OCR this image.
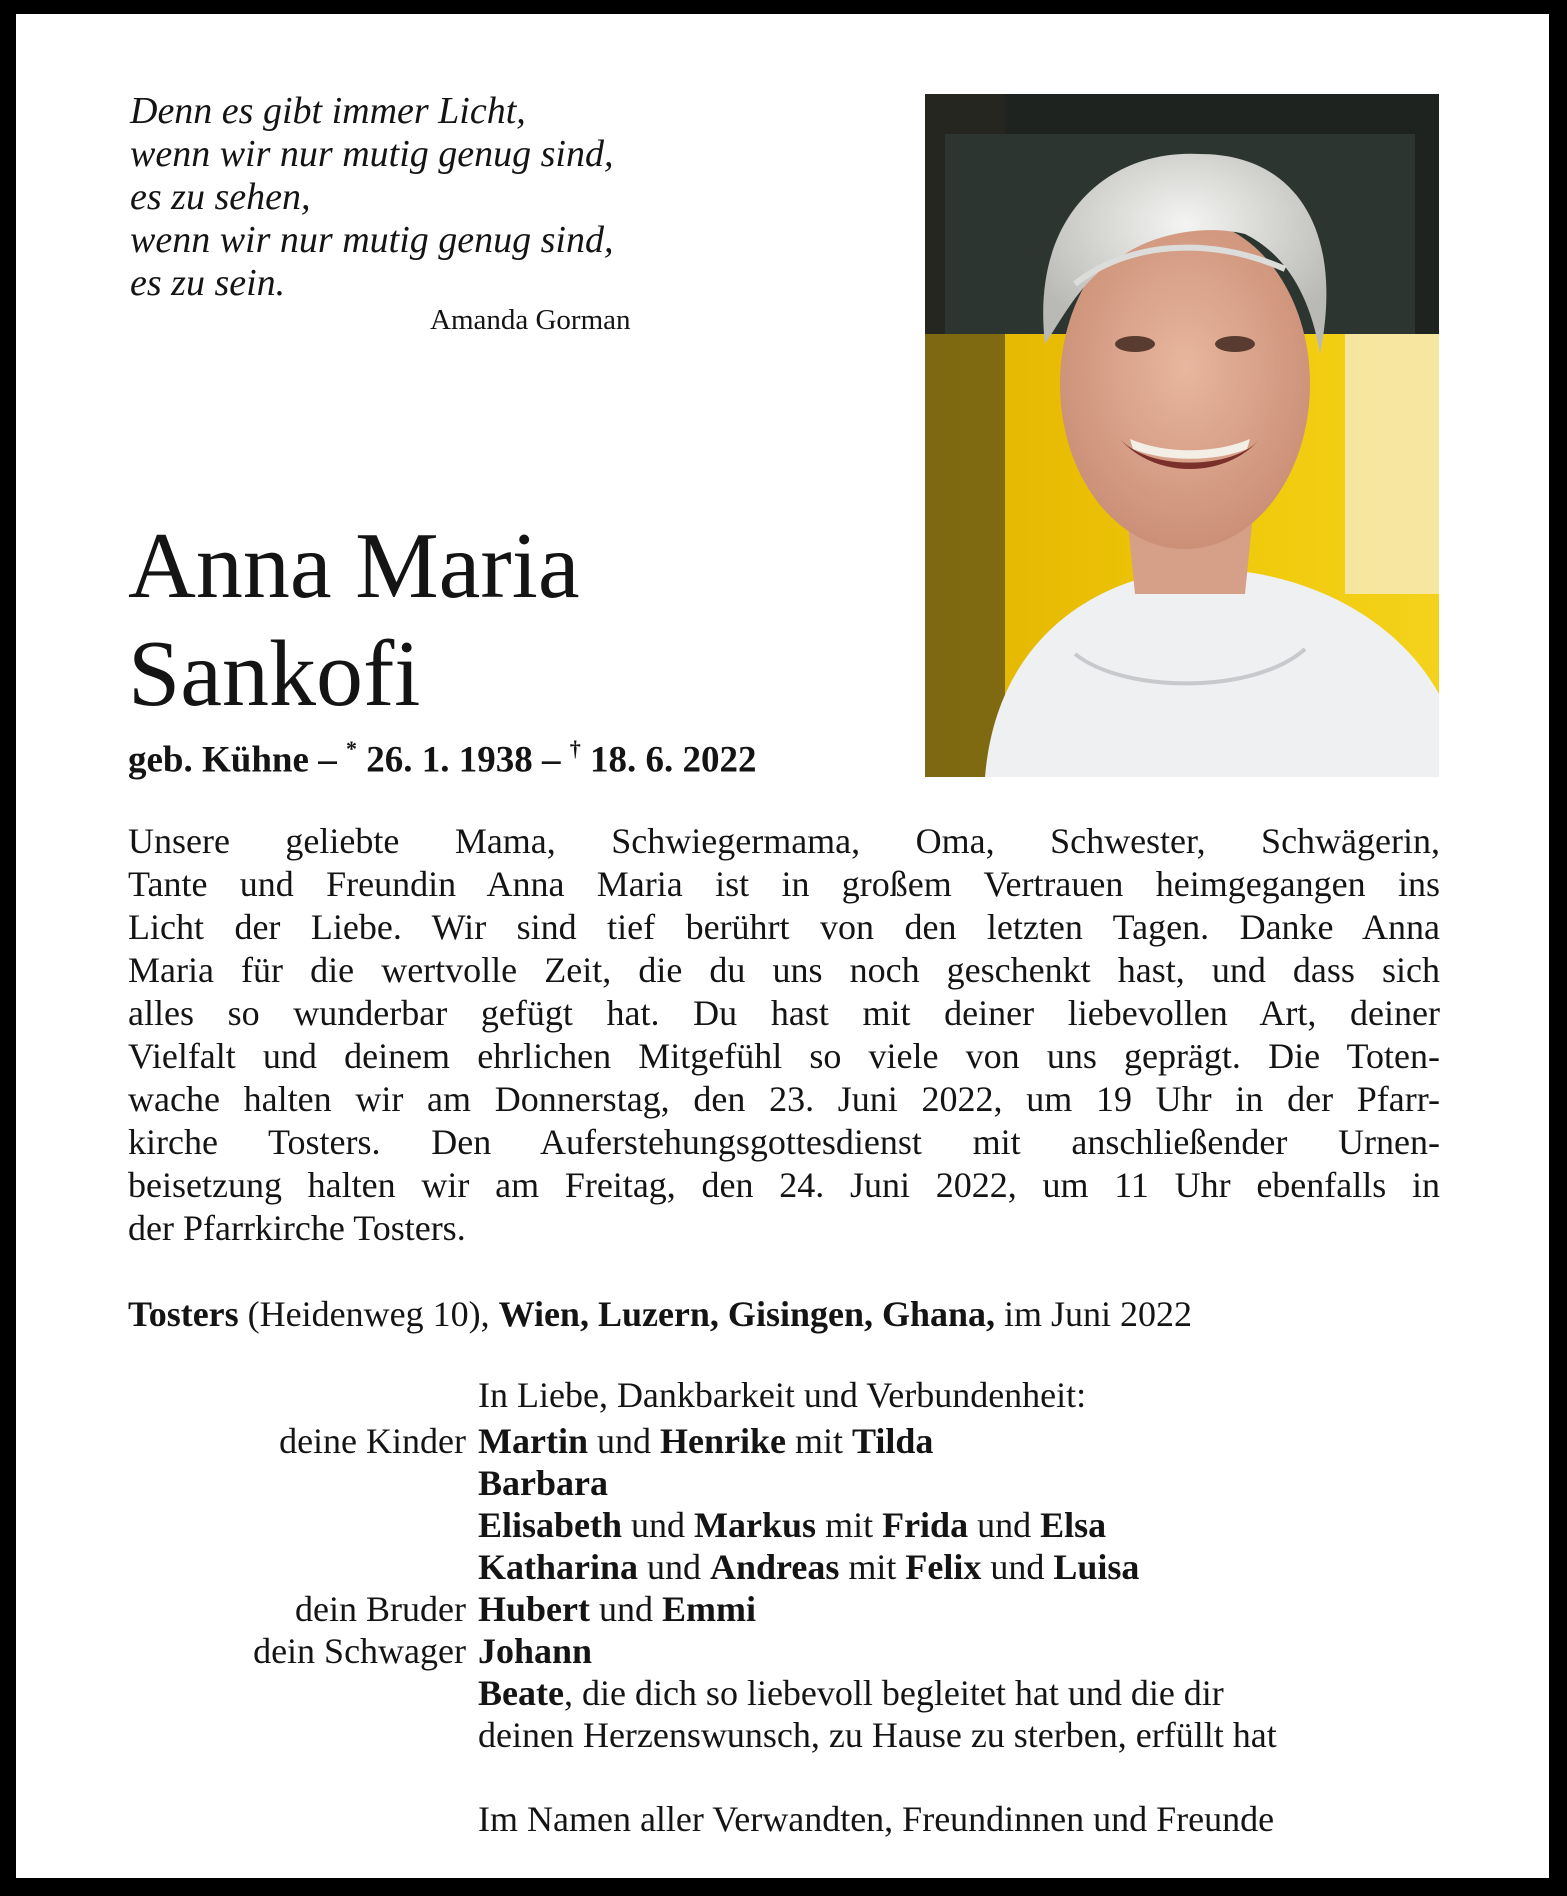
Denn es gibt immer Licht,
wenn wir nur mutig genug sind,
es zu sehen,
wenn wir nur mutig genug sind,
es zu sein.
Amanda Gorman
Anna Maria
Sankofi
geb. Kühne – * 26. 1. 1938 – † 18. 6. 2022
Unsere geliebte Mama, Schwiegermama, Oma, Schwester, Schwägerin,
Tante und Freundin Anna Maria ist in großem Vertrauen heimgegangen ins
Licht der Liebe. Wir sind tief berührt von den letzten Tagen. Danke Anna
Maria für die wertvolle Zeit, die du uns noch geschenkt hast, und dass sich
alles so wunderbar gefügt hat. Du hast mit deiner liebevollen Art, deiner
Vielfalt und deinem ehrlichen Mitgefühl so viele von uns geprägt. Die Toten-
wache halten wir am Donnerstag, den 23. Juni 2022, um 19 Uhr in der Pfarr-
kirche Tosters. Den Auferstehungsgottesdienst mit anschließender Urnen-
beisetzung halten wir am Freitag, den 24. Juni 2022, um 11 Uhr ebenfalls in
der Pfarrkirche Tosters.
Tosters (Heidenweg 10), Wien, Luzern, Gisingen, Ghana, im Juni 2022
In Liebe, Dankbarkeit und Verbundenheit:
deine Kinder Martin und Henrike mit Tilda
Barbara
Elisabeth und Markus mit Frida und Elsa
Katharina und Andreas mit Felix und Luisa
dein Bruder Hubert und Emmi
dein Schwager Johann
Beate, die dich so liebevoll begleitet hat und die dir
deinen Herzenswunsch, zu Hause zu sterben, erfüllt hat
Im Namen aller Verwandten, Freundinnen und Freunde
